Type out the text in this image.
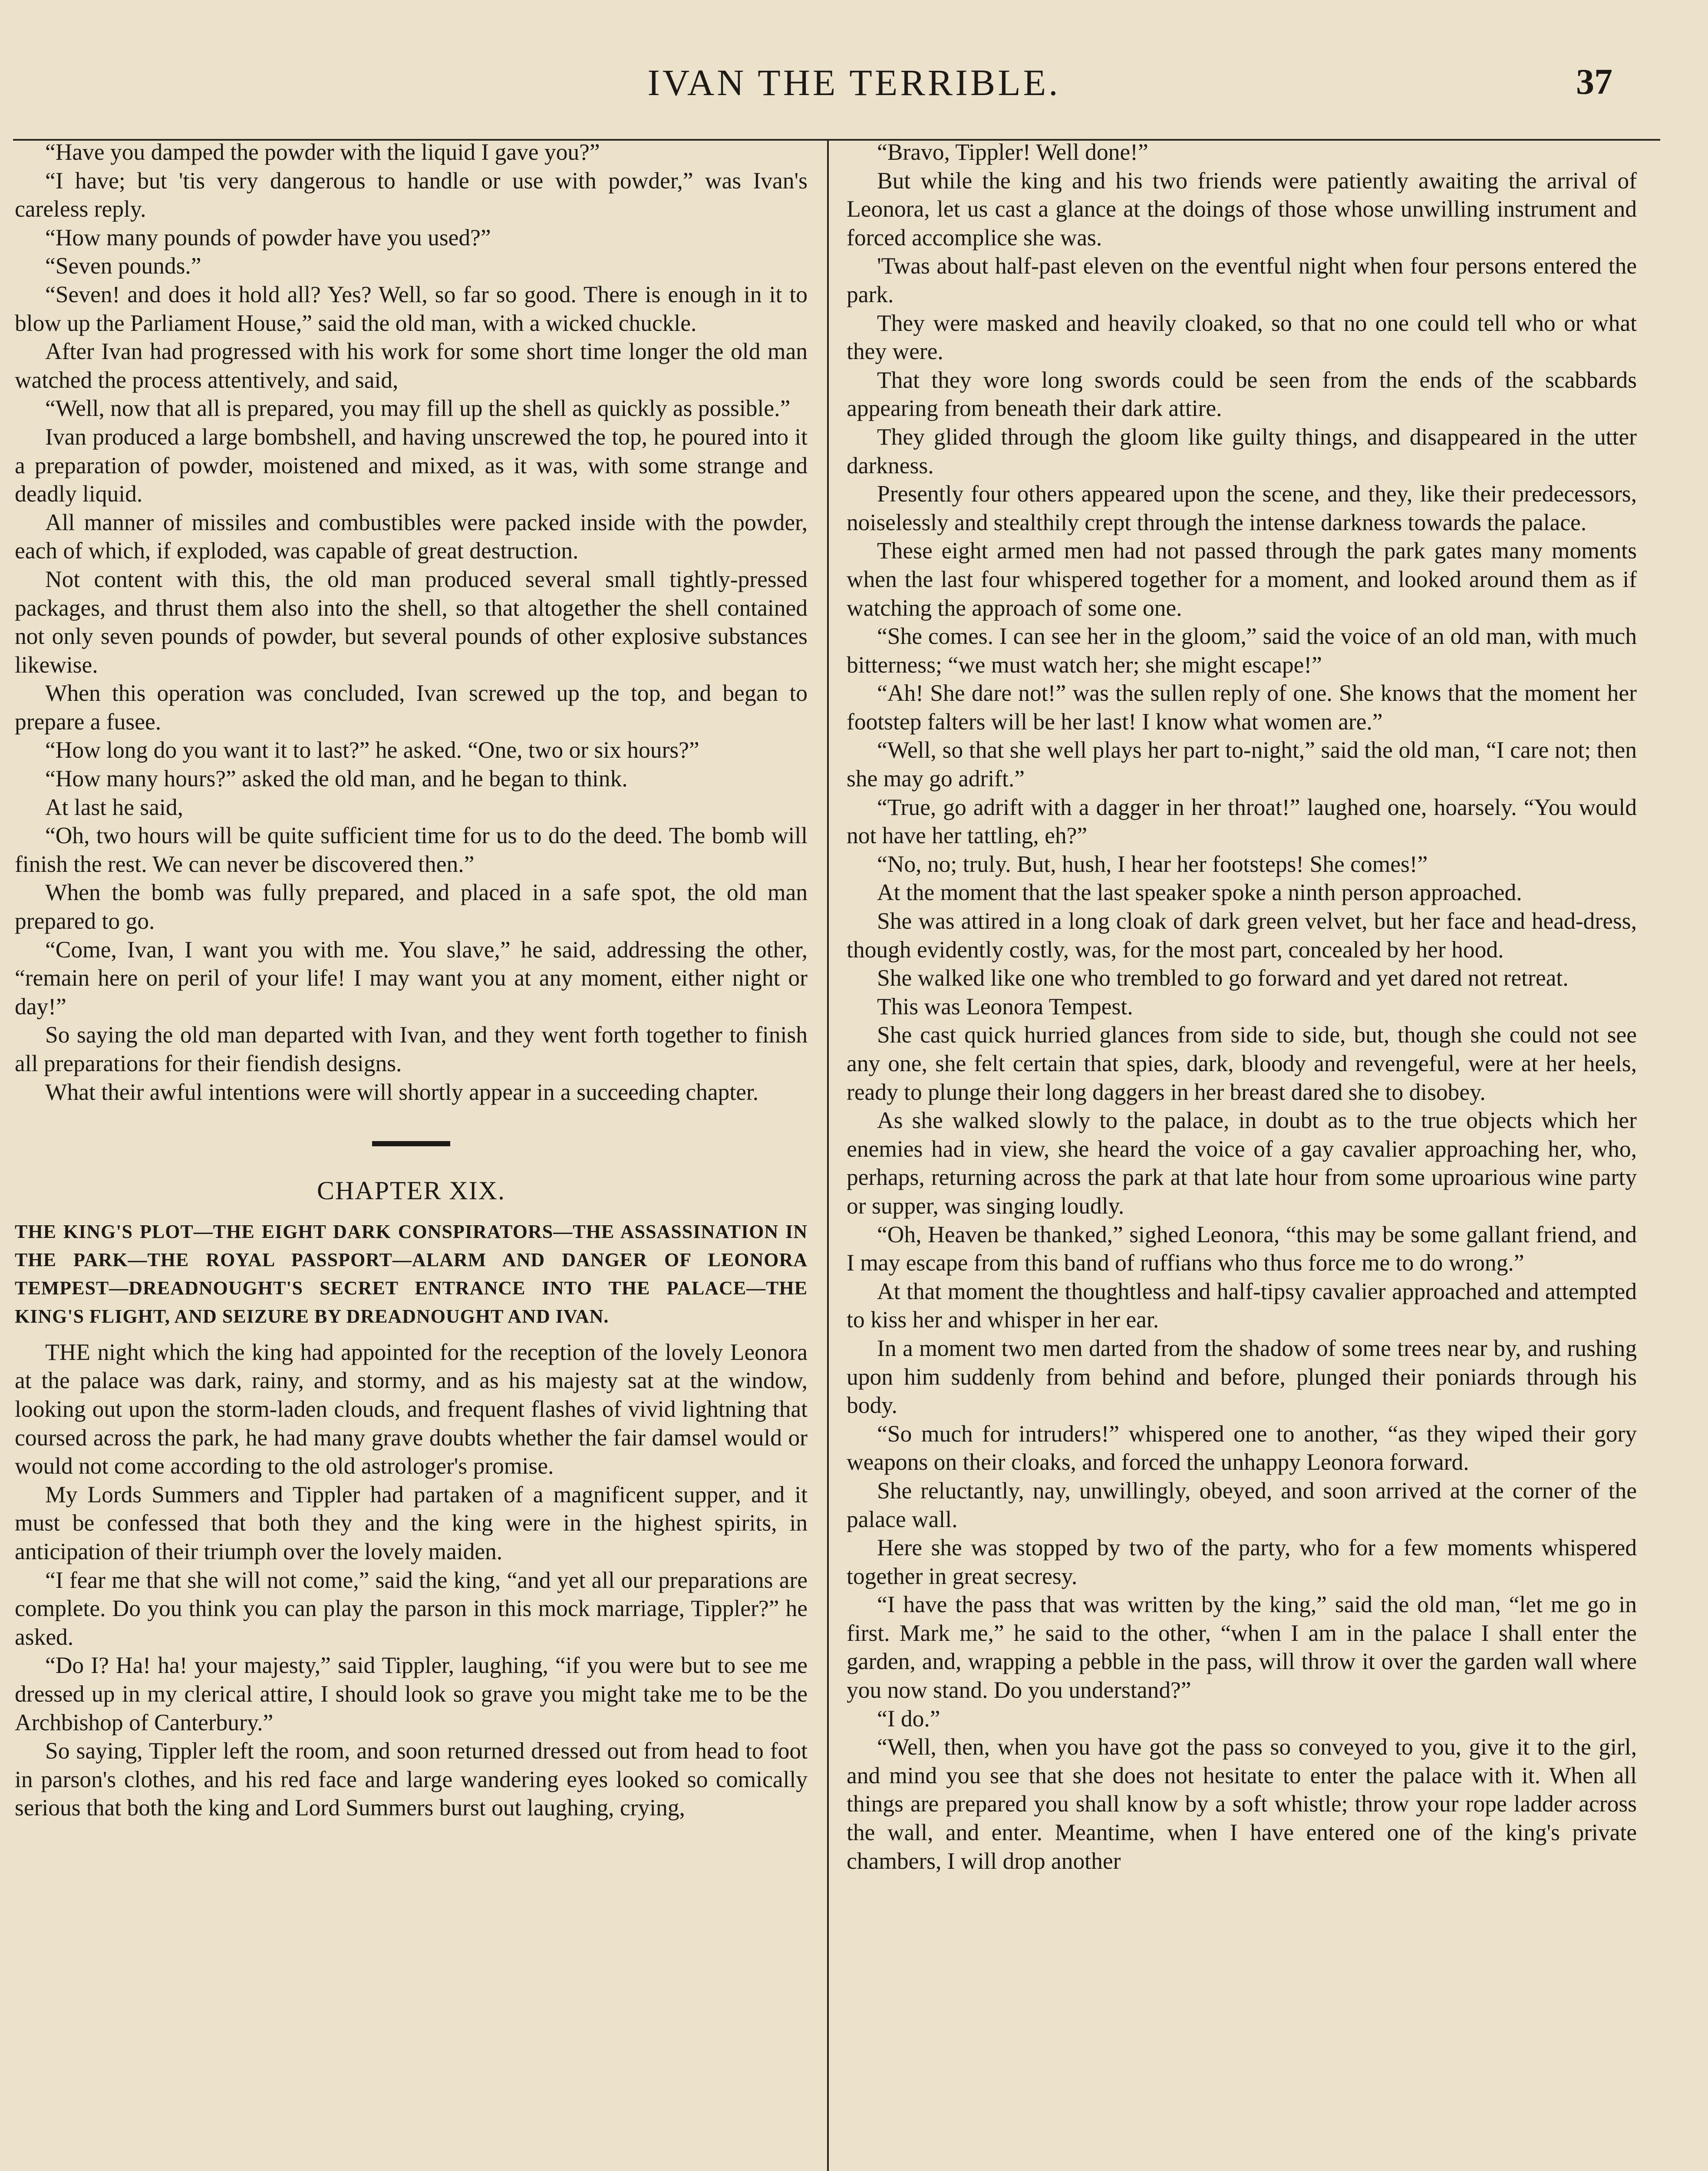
IVAN THE TERRIBLE.	37

“Have you damped the powder with the liquid I gave you?”

“I have; but 'tis very dangerous to handle or use with powder,” was Ivan's careless reply.

“How many pounds of powder have you used?”

“Seven pounds.”

“Seven! and does it hold all? Yes? Well, so far so good. There is enough in it to blow up the Parliament House,” said the old man, with a wicked chuckle.

After Ivan had progressed with his work for some short time longer the old man watched the process attentively, and said,

“Well, now that all is prepared, you may fill up the shell as quickly as possible.”

Ivan produced a large bombshell, and having unscrewed the top, he poured into it a preparation of powder, moistened and mixed, as it was, with some strange and deadly liquid.

All manner of missiles and combustibles were packed inside with the powder, each of which, if exploded, was capable of great destruction.

Not content with this, the old man produced several small tightly-pressed packages, and thrust them also into the shell, so that altogether the shell contained not only seven pounds of powder, but several pounds of other explosive substances likewise.

When this operation was concluded, Ivan screwed up the top, and began to prepare a fusee.

“How long do you want it to last?” he asked. “One, two or six hours?”

“How many hours?” asked the old man, and he began to think.

At last he said,

“Oh, two hours will be quite sufficient time for us to do the deed. The bomb will finish the rest. We can never be discovered then.”

When the bomb was fully prepared, and placed in a safe spot, the old man prepared to go.

“Come, Ivan, I want you with me. You slave,” he said, addressing the other, “remain here on peril of your life! I may want you at any moment, either night or day!”

So saying the old man departed with Ivan, and they went forth together to finish all preparations for their fiendish designs.

What their awful intentions were will shortly appear in a succeeding chapter.

CHAPTER XIX.
THE KING'S PLOT—THE EIGHT DARK CONSPIRATORS—THE ASSASSINATION IN THE PARK—THE ROYAL PASSPORT—ALARM AND DANGER OF LEONORA TEMPEST—DREADNOUGHT'S SECRET ENTRANCE INTO THE PALACE—THE KING'S FLIGHT, AND SEIZURE BY DREADNOUGHT AND IVAN.

THE night which the king had appointed for the reception of the lovely Leonora at the palace was dark, rainy, and stormy, and as his majesty sat at the window, looking out upon the storm-laden clouds, and frequent flashes of vivid lightning that coursed across the park, he had many grave doubts whether the fair damsel would or would not come according to the old astrologer's promise.

My Lords Summers and Tippler had partaken of a magnificent supper, and it must be confessed that both they and the king were in the highest spirits, in anticipation of their triumph over the lovely maiden.

“I fear me that she will not come,” said the king, “and yet all our preparations are complete. Do you think you can play the parson in this mock marriage, Tippler?” he asked.

“Do I? Ha! ha! your majesty,” said Tippler, laughing, “if you were but to see me dressed up in my clerical attire, I should look so grave you might take me to be the Archbishop of Canterbury.”

So saying, Tippler left the room, and soon returned dressed out from head to foot in parson's clothes, and his red face and large wandering eyes looked so comically serious that both the king and Lord Summers burst out laughing, crying,

“Bravo, Tippler! Well done!”

But while the king and his two friends were patiently awaiting the arrival of Leonora, let us cast a glance at the doings of those whose unwilling instrument and forced accomplice she was.

'Twas about half-past eleven on the eventful night when four persons entered the park.

They were masked and heavily cloaked, so that no one could tell who or what they were.

That they wore long swords could be seen from the ends of the scabbards appearing from beneath their dark attire.

They glided through the gloom like guilty things, and disappeared in the utter darkness.

Presently four others appeared upon the scene, and they, like their predecessors, noiselessly and stealthily crept through the intense darkness towards the palace.

These eight armed men had not passed through the park gates many moments when the last four whispered together for a moment, and looked around them as if watching the approach of some one.

“She comes. I can see her in the gloom,” said the voice of an old man, with much bitterness; “we must watch her; she might escape!”

“Ah! She dare not!” was the sullen reply of one. She knows that the moment her footstep falters will be her last! I know what women are.”

“Well, so that she well plays her part to-night,” said the old man, “I care not; then she may go adrift.”

“True, go adrift with a dagger in her throat!” laughed one, hoarsely. “You would not have her tattling, eh?”

“No, no; truly. But, hush, I hear her footsteps! She comes!”

At the moment that the last speaker spoke a ninth person approached.

She was attired in a long cloak of dark green velvet, but her face and head-dress, though evidently costly, was, for the most part, concealed by her hood.

She walked like one who trembled to go forward and yet dared not retreat.

This was Leonora Tempest.

She cast quick hurried glances from side to side, but, though she could not see any one, she felt certain that spies, dark, bloody and revengeful, were at her heels, ready to plunge their long daggers in her breast dared she to disobey.

As she walked slowly to the palace, in doubt as to the true objects which her enemies had in view, she heard the voice of a gay cavalier approaching her, who, perhaps, returning across the park at that late hour from some uproarious wine party or supper, was singing loudly.

“Oh, Heaven be thanked,” sighed Leonora, “this may be some gallant friend, and I may escape from this band of ruffians who thus force me to do wrong.”

At that moment the thoughtless and half-tipsy cavalier approached and attempted to kiss her and whisper in her ear.

In a moment two men darted from the shadow of some trees near by, and rushing upon him suddenly from behind and before, plunged their poniards through his body.

“So much for intruders!” whispered one to another, “as they wiped their gory weapons on their cloaks, and forced the unhappy Leonora forward.

She reluctantly, nay, unwillingly, obeyed, and soon arrived at the corner of the palace wall.

Here she was stopped by two of the party, who for a few moments whispered together in great secresy.

“I have the pass that was written by the king,” said the old man, “let me go in first. Mark me,” he said to the other, “when I am in the palace I shall enter the garden, and, wrapping a pebble in the pass, will throw it over the garden wall where you now stand. Do you understand?”

“I do.”

“Well, then, when you have got the pass so conveyed to you, give it to the girl, and mind you see that she does not hesitate to enter the palace with it. When all things are prepared you shall know by a soft whistle; throw your rope ladder across the wall, and enter. Meantime, when I have entered one of the king's private chambers, I will drop another
